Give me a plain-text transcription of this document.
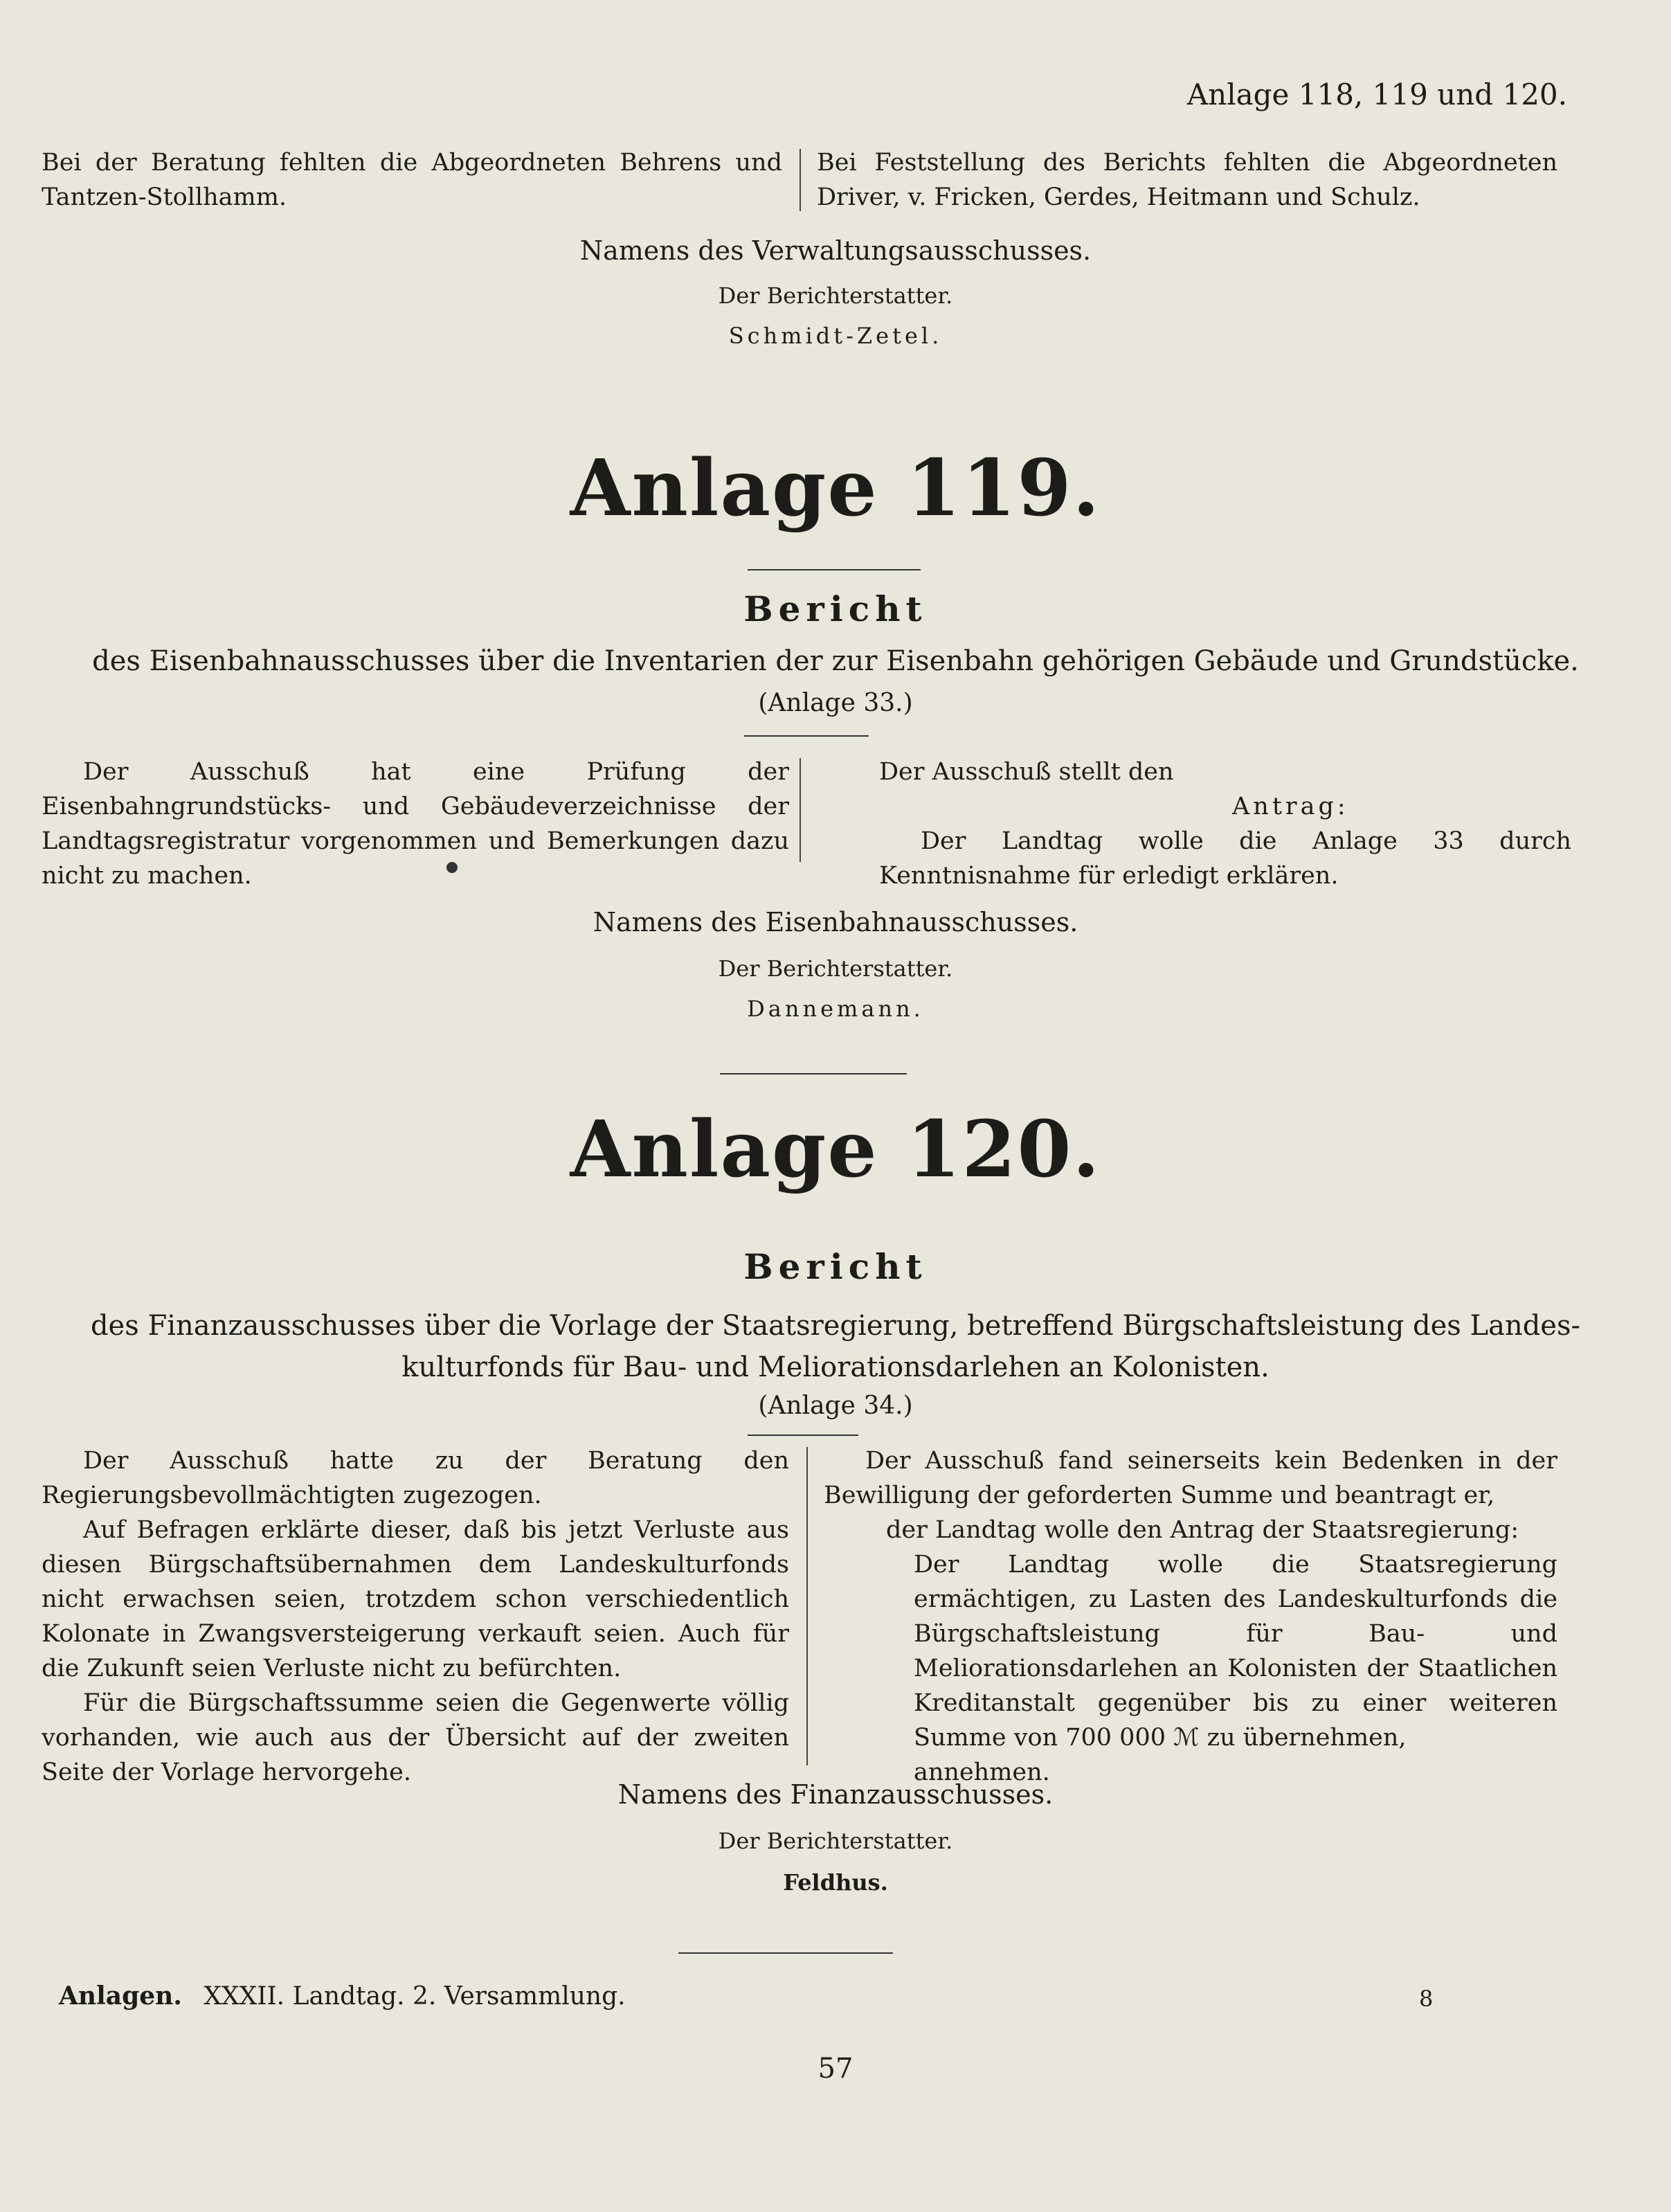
Anlage 118, 119 und 120.
Bei der Beratung fehlten die Abgeordneten Behrens und Tantzen-Stollhamm.
Bei Feststellung des Berichts fehlten die Abgeordneten Driver, v. Fricken, Gerdes, Heitmann und Schulz.
Namens des Verwaltungsausschusses.
Der Berichterstatter.
Schmidt-Zetel.
Anlage 119.
Bericht
des Eisenbahnausschusses über die Inventarien der zur Eisenbahn gehörigen Gebäude und Grundstücke.
(Anlage 33.)
Der Ausschuß hat eine Prüfung der Eisenbahngrundstücks- und Gebäudeverzeichnisse der Landtagsregistratur vorgenommen und Bemerkungen dazu nicht zu machen.
Der Ausschuß stellt den
Antrag:
Der Landtag wolle die Anlage 33 durch Kenntnisnahme für erledigt erklären.
Namens des Eisenbahnausschusses.
Der Berichterstatter.
Dannemann.
Anlage 120.
Bericht
des Finanzausschusses über die Vorlage der Staatsregierung, betreffend Bürgschaftsleistung des Landes-
kulturfonds für Bau- und Meliorationsdarlehen an Kolonisten.
(Anlage 34.)
Der Ausschuß hatte zu der Beratung den Regierungsbevollmächtigten zugezogen.
Auf Befragen erklärte dieser, daß bis jetzt Verluste aus diesen Bürgschaftsübernahmen dem Landeskulturfonds nicht erwachsen seien, trotzdem schon verschiedentlich Kolonate in Zwangsversteigerung verkauft seien. Auch für die Zukunft seien Verluste nicht zu befürchten.
Für die Bürgschaftssumme seien die Gegenwerte völlig vorhanden, wie auch aus der Übersicht auf der zweiten Seite der Vorlage hervorgehe.
Der Ausschuß fand seinerseits kein Bedenken in der Bewilligung der geforderten Summe und beantragt er,
der Landtag wolle den Antrag der Staatsregierung:
Der Landtag wolle die Staatsregierung ermächtigen, zu Lasten des Landeskulturfonds die Bürgschaftsleistung für Bau- und Meliorationsdarlehen an Kolonisten der Staatlichen Kreditanstalt gegenüber bis zu einer weiteren Summe von 700 000 ℳ zu übernehmen,
annehmen.
Namens des Finanzausschusses.
Der Berichterstatter.
Feldhus.
Anlagen. XXXII. Landtag. 2. Versammlung.	8
57
